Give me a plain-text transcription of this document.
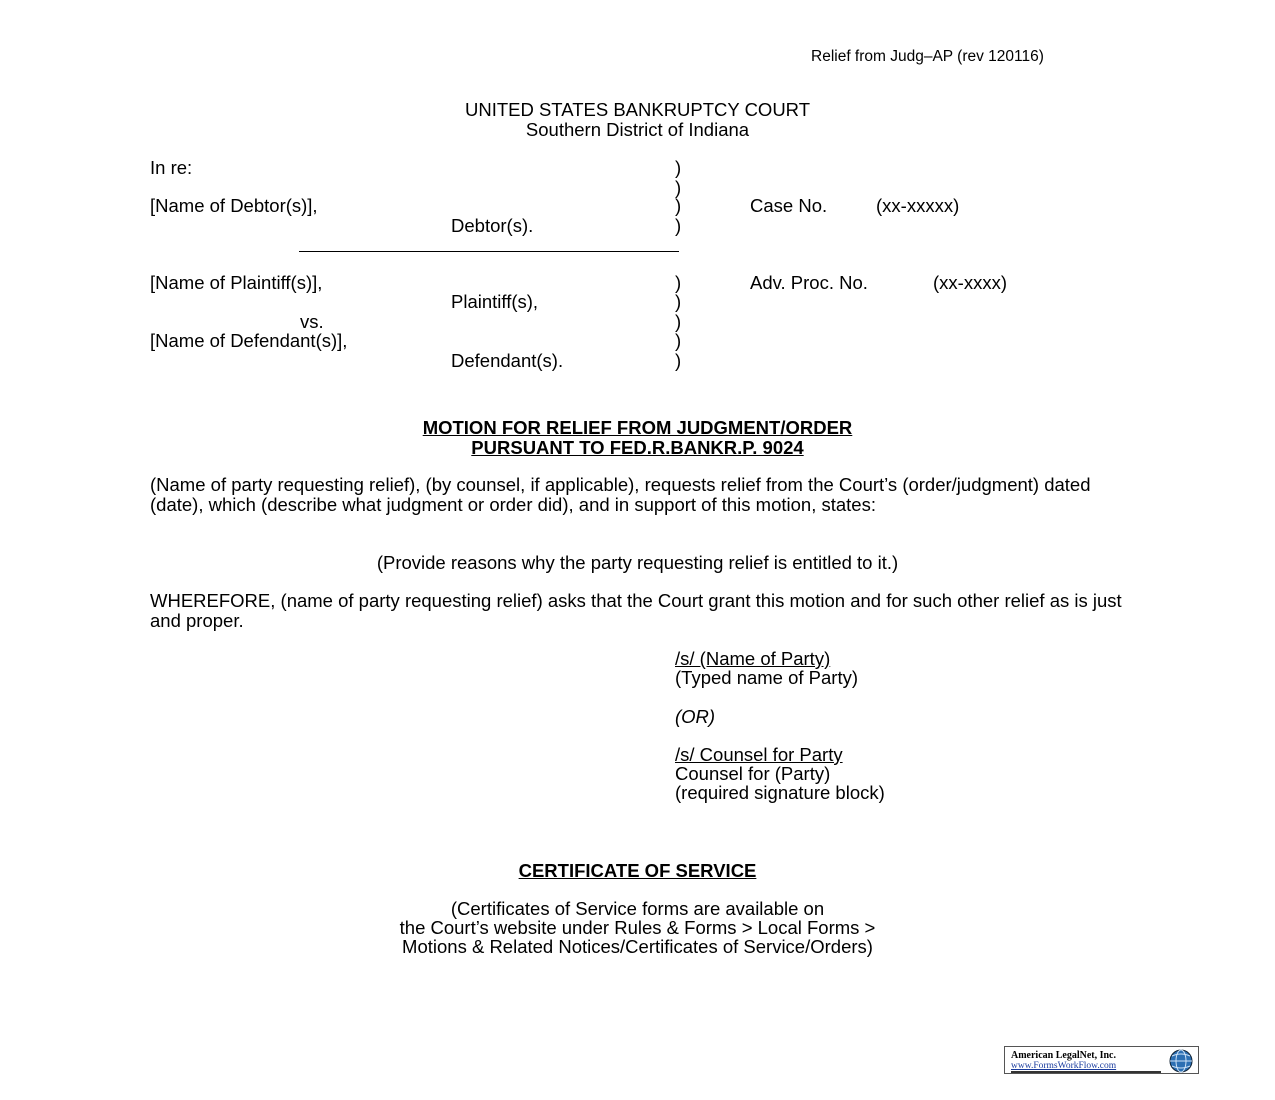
Relief from Judg–AP (rev 120116)
UNITED STATES BANKRUPTCY COURT
Southern District of Indiana
In re:
[Name of Debtor(s)],
Debtor(s).
)
)
)
)
Case No.	(xx-xxxxx)
[Name of Plaintiff(s)],
Plaintiff(s),
vs.
[Name of Defendant(s)],
Defendant(s).
)
)
)
)
)
Adv. Proc. No.	(xx-xxxx)
MOTION FOR RELIEF FROM JUDGMENT/ORDER
PURSUANT TO FED.R.BANKR.P. 9024
(Name of party requesting relief), (by counsel, if applicable), requests relief from the Court’s (order/judgment) dated (date), which (describe what judgment or order did), and in support of this motion, states:
(Provide reasons why the party requesting relief is entitled to it.)
WHEREFORE, (name of party requesting relief) asks that the Court grant this motion and for such other relief as is just and proper.
/s/ (Name of Party)
(Typed name of Party)
(OR)
/s/ Counsel for Party
Counsel for (Party)
(required signature block)
CERTIFICATE OF SERVICE
(Certificates of Service forms are available on
the Court’s website under Rules & Forms > Local Forms >
Motions & Related Notices/Certificates of Service/Orders)
American LegalNet, Inc.
www.FormsWorkFlow.com
